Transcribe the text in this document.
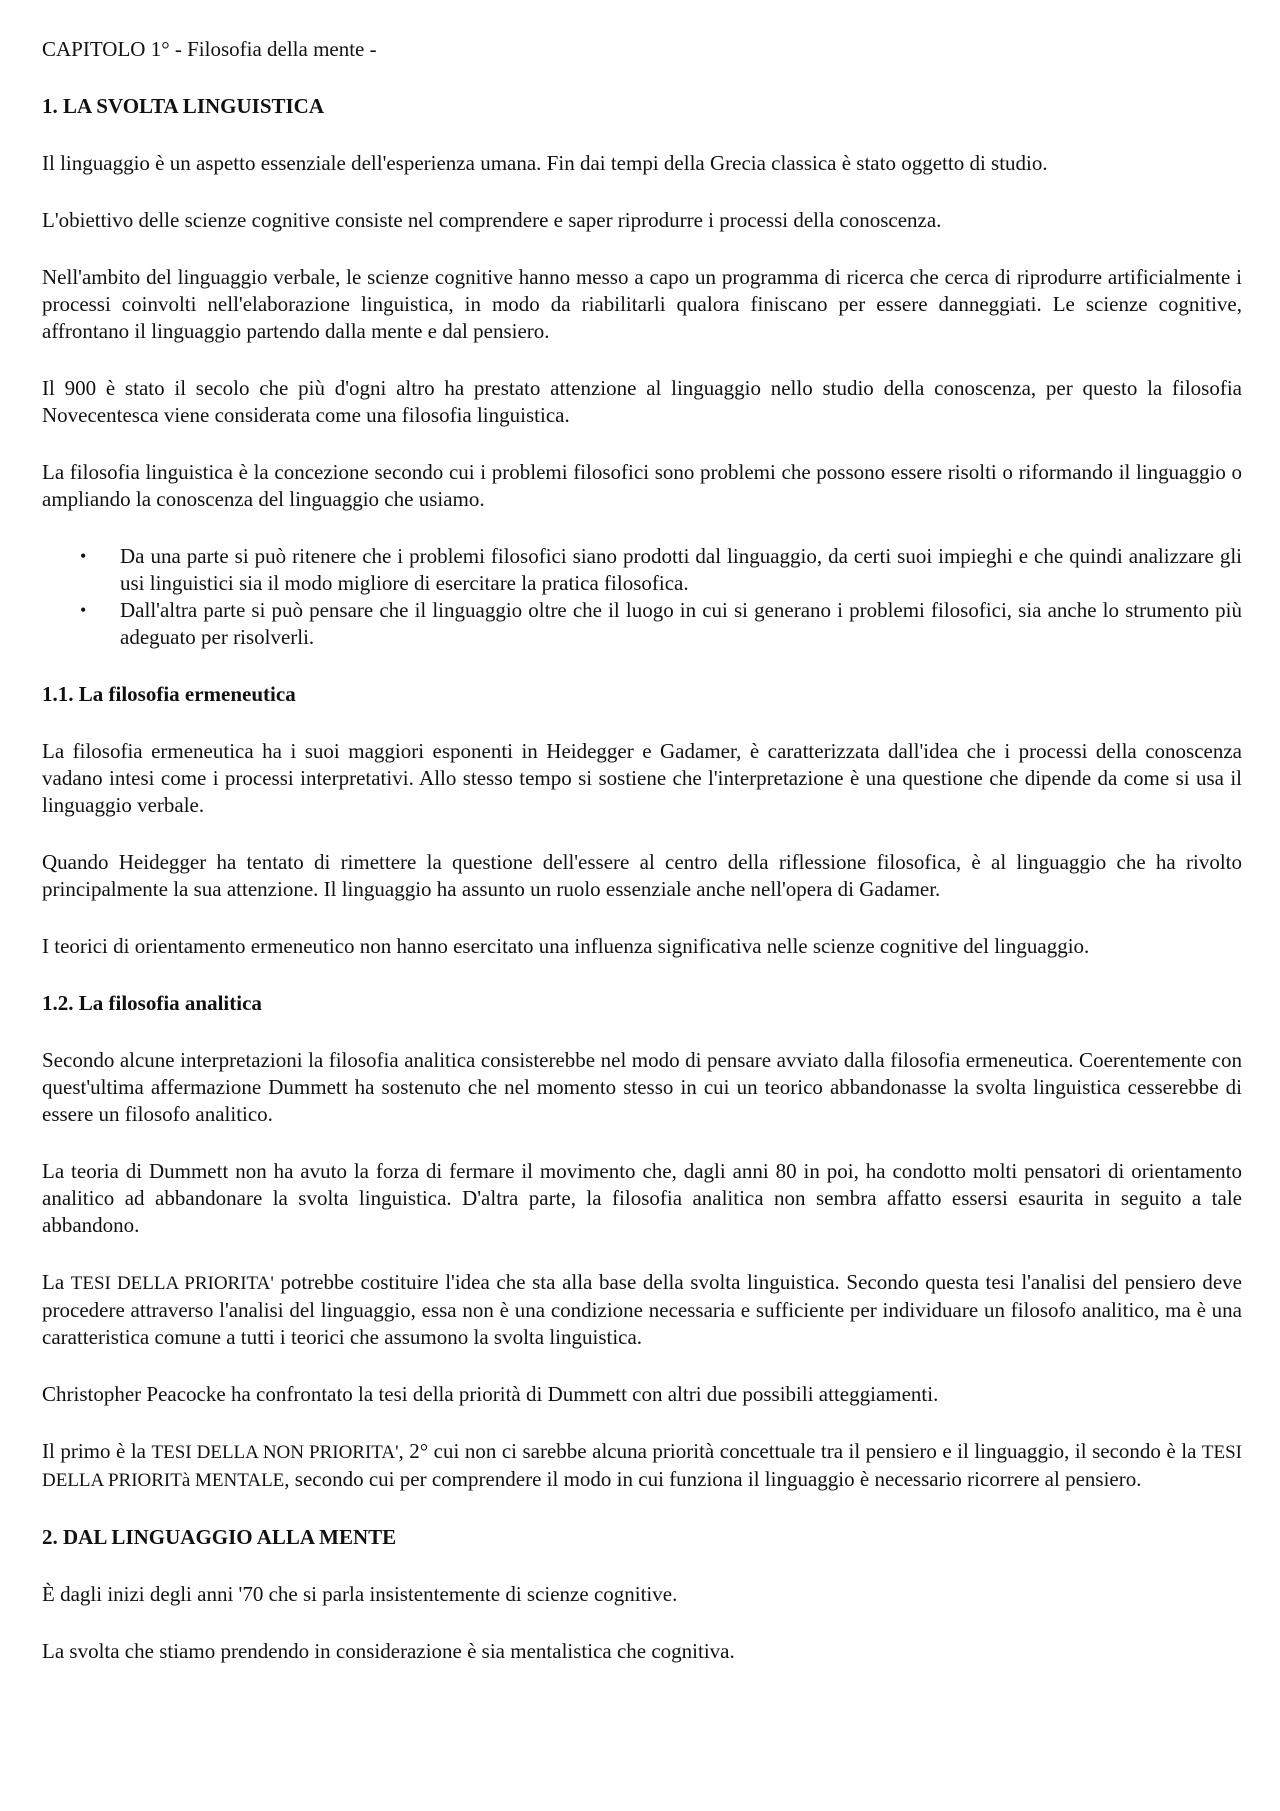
CAPITOLO 1° - Filosofia della mente -

1. LA SVOLTA LINGUISTICA

Il linguaggio è un aspetto essenziale dell'esperienza umana. Fin dai tempi della Grecia classica è stato oggetto di studio.

L'obiettivo delle scienze cognitive consiste nel comprendere e saper riprodurre i processi della conoscenza.

Nell'ambito del linguaggio verbale, le scienze cognitive hanno messo a capo un programma di ricerca che cerca di riprodurre artificialmente i processi coinvolti nell'elaborazione linguistica, in modo da riabilitarli qualora finiscano per essere danneggiati. Le scienze cognitive, affrontano il linguaggio partendo dalla mente e dal pensiero.

Il 900 è stato il secolo che più d'ogni altro ha prestato attenzione al linguaggio nello studio della conoscenza, per questo la filosofia Novecentesca viene considerata come una filosofia linguistica.

La filosofia linguistica è la concezione secondo cui i problemi filosofici sono problemi che possono essere risolti o riformando il linguaggio o ampliando la conoscenza del linguaggio che usiamo.

• Da una parte si può ritenere che i problemi filosofici siano prodotti dal linguaggio, da certi suoi impieghi e che quindi analizzare gli usi linguistici sia il modo migliore di esercitare la pratica filosofica.
• Dall'altra parte si può pensare che il linguaggio oltre che il luogo in cui si generano i problemi filosofici, sia anche lo strumento più adeguato per risolverli.
1.1. La filosofia ermeneutica

La filosofia ermeneutica ha i suoi maggiori esponenti in Heidegger e Gadamer, è caratterizzata dall'idea che i processi della conoscenza vadano intesi come i processi interpretativi. Allo stesso tempo si sostiene che l'interpretazione è una questione che dipende da come si usa il linguaggio verbale.

Quando Heidegger ha tentato di rimettere la questione dell'essere al centro della riflessione filosofica, è al linguaggio che ha rivolto principalmente la sua attenzione. Il linguaggio ha assunto un ruolo essenziale anche nell'opera di Gadamer.

I teorici di orientamento ermeneutico non hanno esercitato una influenza significativa nelle scienze cognitive del linguaggio.

1.2. La filosofia analitica

Secondo alcune interpretazioni la filosofia analitica consisterebbe nel modo di pensare avviato dalla filosofia ermeneutica. Coerentemente con quest'ultima affermazione Dummett ha sostenuto che nel momento stesso in cui un teorico abbandonasse la svolta linguistica cesserebbe di essere un filosofo analitico.

La teoria di Dummett non ha avuto la forza di fermare il movimento che, dagli anni 80 in poi, ha condotto molti pensatori di orientamento analitico ad abbandonare la svolta linguistica. D'altra parte, la filosofia analitica non sembra affatto essersi esaurita in seguito a tale abbandono.

La TESI DELLA PRIORITA' potrebbe costituire l'idea che sta alla base della svolta linguistica. Secondo questa tesi l'analisi del pensiero deve procedere attraverso l'analisi del linguaggio, essa non è una condizione necessaria e sufficiente per individuare un filosofo analitico, ma è una caratteristica comune a tutti i teorici che assumono la svolta linguistica.

Christopher Peacocke ha confrontato la tesi della priorità di Dummett con altri due possibili atteggiamenti.

Il primo è la TESI DELLA NON PRIORITA', 2° cui non ci sarebbe alcuna priorità concettuale tra il pensiero e il linguaggio, il secondo è la TESI DELLA PRIORITà MENTALE, secondo cui per comprendere il modo in cui funziona il linguaggio è necessario ricorrere al pensiero.

2. DAL LINGUAGGIO ALLA MENTE

È dagli inizi degli anni '70 che si parla insistentemente di scienze cognitive.

La svolta che stiamo prendendo in considerazione è sia mentalistica che cognitiva.
